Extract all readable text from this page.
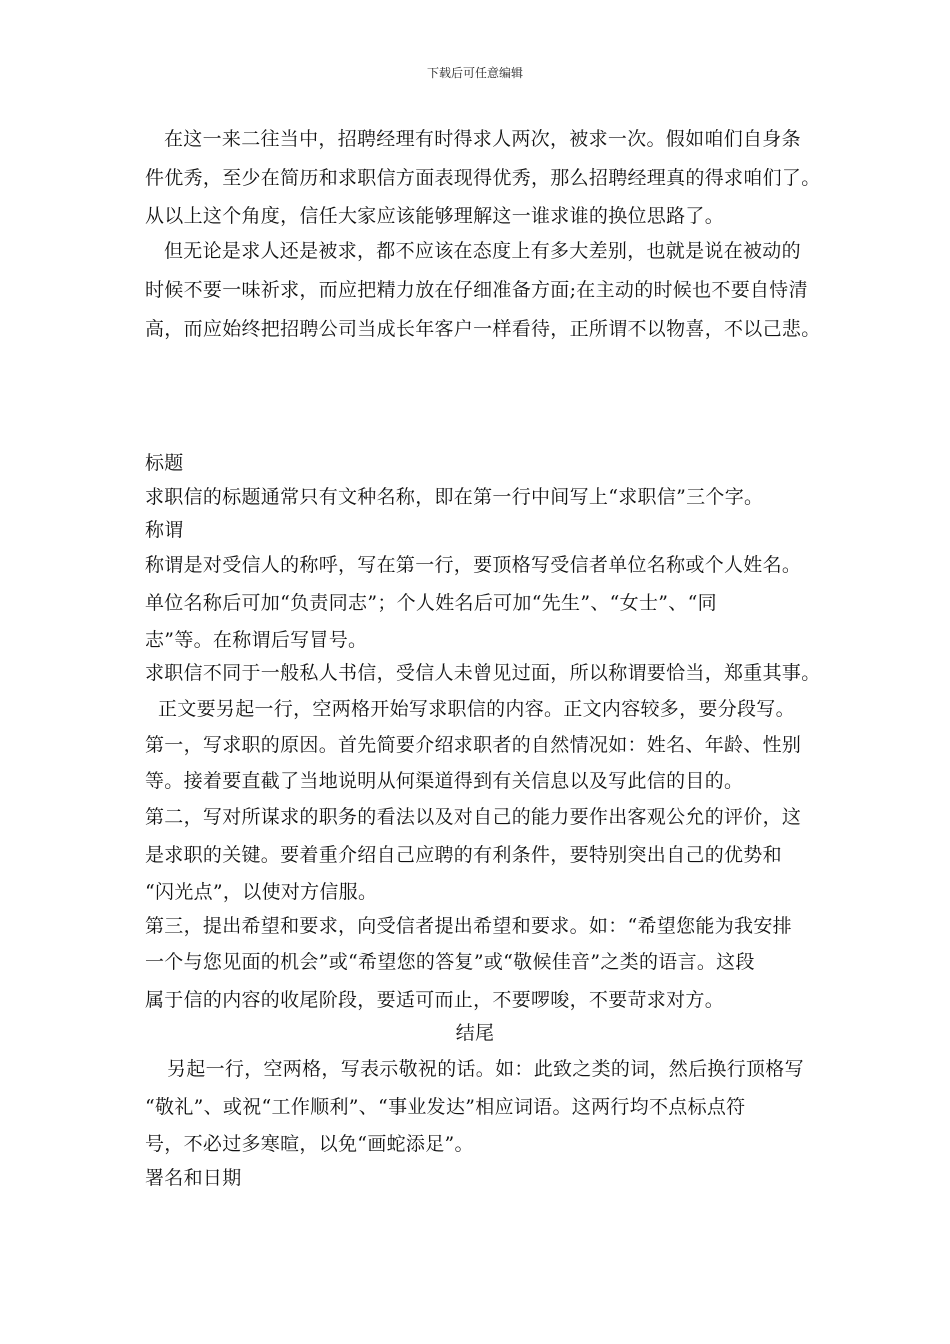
下载后可任意编辑
在这一来二往当中，招聘经理有时得求人两次，被求一次。假如咱们自身条
件优秀，至少在简历和求职信方面表现得优秀，那么招聘经理真的得求咱们了。
从以上这个角度，信任大家应该能够理解这一谁求谁的换位思路了。
但无论是求人还是被求，都不应该在态度上有多大差别，也就是说在被动的
时候不要一味祈求，而应把精力放在仔细准备方面;在主动的时候也不要自恃清
高，而应始终把招聘公司当成长年客户一样看待，正所谓不以物喜，不以己悲。
标题
求职信的标题通常只有文种名称，即在第一行中间写上“求职信”三个字。
称谓
称谓是对受信人的称呼，写在第一行，要顶格写受信者单位名称或个人姓名。
单位名称后可加“负责同志”；个人姓名后可加“先生”、“女士”、“同
志”等。在称谓后写冒号。
求职信不同于一般私人书信，受信人未曾见过面，所以称谓要恰当，郑重其事。
正文要另起一行，空两格开始写求职信的内容。正文内容较多，要分段写。
第一，写求职的原因。首先简要介绍求职者的自然情况如：姓名、年龄、性别
等。接着要直截了当地说明从何渠道得到有关信息以及写此信的目的。
第二，写对所谋求的职务的看法以及对自己的能力要作出客观公允的评价，这
是求职的关键。要着重介绍自己应聘的有利条件，要特别突出自己的优势和
“闪光点”，以使对方信服。
第三，提出希望和要求，向受信者提出希望和要求。如：“希望您能为我安排
一个与您见面的机会”或“希望您的答复”或“敬候佳音”之类的语言。这段
属于信的内容的收尾阶段，要适可而止，不要啰唆，不要苛求对方。
结尾
另起一行，空两格，写表示敬祝的话。如：此致之类的词，然后换行顶格写
“敬礼”、或祝“工作顺利”、“事业发达”相应词语。这两行均不点标点符
号，不必过多寒暄，以免“画蛇添足”。
署名和日期
